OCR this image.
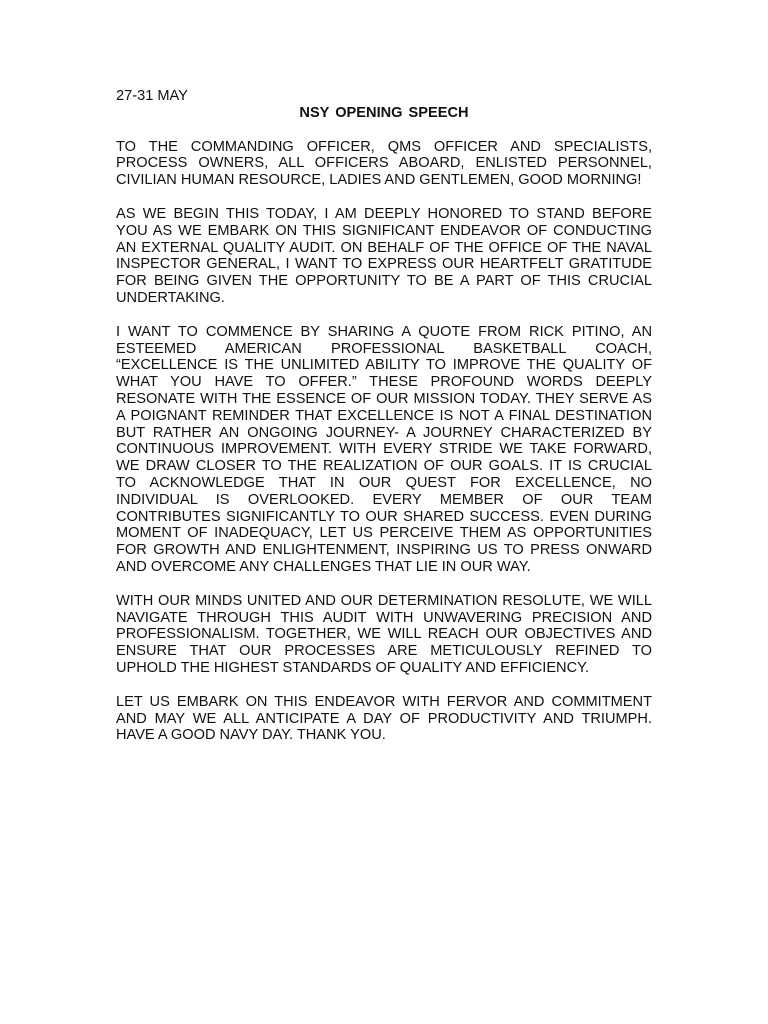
27-31 MAY

NSY OPENING SPEECH

TO THE COMMANDING OFFICER, QMS OFFICER AND SPECIALISTS, PROCESS OWNERS, ALL OFFICERS ABOARD, ENLISTED PERSONNEL, CIVILIAN HUMAN RESOURCE, LADIES AND GENTLEMEN, GOOD MORNING!

AS WE BEGIN THIS TODAY, I AM DEEPLY HONORED TO STAND BEFORE YOU AS WE EMBARK ON THIS SIGNIFICANT ENDEAVOR OF CONDUCTING AN EXTERNAL QUALITY AUDIT. ON BEHALF OF THE OFFICE OF THE NAVAL INSPECTOR GENERAL, I WANT TO EXPRESS OUR HEARTFELT GRATITUDE FOR BEING GIVEN THE OPPORTUNITY TO BE A PART OF THIS CRUCIAL UNDERTAKING.

I WANT TO COMMENCE BY SHARING A QUOTE FROM RICK PITINO, AN ESTEEMED AMERICAN PROFESSIONAL BASKETBALL COACH, “EXCELLENCE IS THE UNLIMITED ABILITY TO IMPROVE THE QUALITY OF WHAT YOU HAVE TO OFFER.” THESE PROFOUND WORDS DEEPLY RESONATE WITH THE ESSENCE OF OUR MISSION TODAY. THEY SERVE AS A POIGNANT REMINDER THAT EXCELLENCE IS NOT A FINAL DESTINATION BUT RATHER AN ONGOING JOURNEY- A JOURNEY CHARACTERIZED BY CONTINUOUS IMPROVEMENT. WITH EVERY STRIDE WE TAKE FORWARD, WE DRAW CLOSER TO THE REALIZATION OF OUR GOALS. IT IS CRUCIAL TO ACKNOWLEDGE THAT IN OUR QUEST FOR EXCELLENCE, NO INDIVIDUAL IS OVERLOOKED. EVERY MEMBER OF OUR TEAM CONTRIBUTES SIGNIFICANTLY TO OUR SHARED SUCCESS. EVEN DURING MOMENT OF INADEQUACY, LET US PERCEIVE THEM AS OPPORTUNITIES FOR GROWTH AND ENLIGHTENMENT, INSPIRING US TO PRESS ONWARD AND OVERCOME ANY CHALLENGES THAT LIE IN OUR WAY.

WITH OUR MINDS UNITED AND OUR DETERMINATION RESOLUTE, WE WILL NAVIGATE THROUGH THIS AUDIT WITH UNWAVERING PRECISION AND PROFESSIONALISM. TOGETHER, WE WILL REACH OUR OBJECTIVES AND ENSURE THAT OUR PROCESSES ARE METICULOUSLY REFINED TO UPHOLD THE HIGHEST STANDARDS OF QUALITY AND EFFICIENCY.

LET US EMBARK ON THIS ENDEAVOR WITH FERVOR AND COMMITMENT AND MAY WE ALL ANTICIPATE A DAY OF PRODUCTIVITY AND TRIUMPH. HAVE A GOOD NAVY DAY. THANK YOU.
